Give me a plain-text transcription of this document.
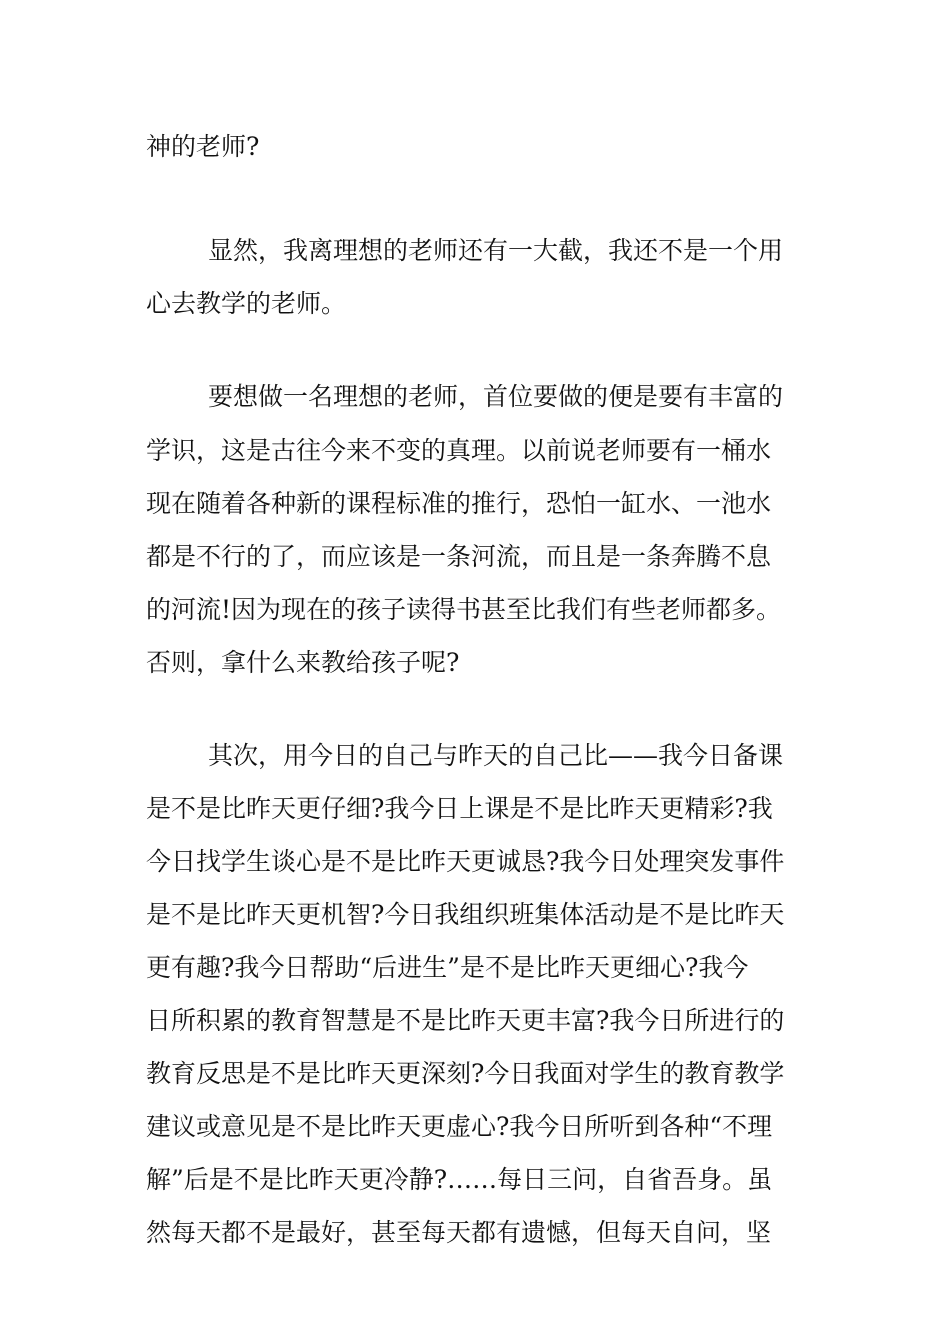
神的老师?

显然，我离理想的老师还有一大截，我还不是一个用

心去教学的老师。

要想做一名理想的老师，首位要做的便是要有丰富的

学识，这是古往今来不变的真理。以前说老师要有一桶水

现在随着各种新的课程标准的推行，恐怕一缸水、一池水

都是不行的了，而应该是一条河流，而且是一条奔腾不息

的河流!因为现在的孩子读得书甚至比我们有些老师都多。

否则，拿什么来教给孩子呢?

其次，用今日的自己与昨天的自己比——我今日备课

是不是比昨天更仔细?我今日上课是不是比昨天更精彩?我

今日找学生谈心是不是比昨天更诚恳?我今日处理突发事件

是不是比昨天更机智?今日我组织班集体活动是不是比昨天

更有趣?我今日帮助“后进生”是不是比昨天更细心?我今

日所积累的教育智慧是不是比昨天更丰富?我今日所进行的

教育反思是不是比昨天更深刻?今日我面对学生的教育教学

建议或意见是不是比昨天更虚心?我今日所听到各种“不理

解”后是不是比昨天更冷静?……每日三问，自省吾身。虽

然每天都不是最好，甚至每天都有遗憾，但每天自问，坚
